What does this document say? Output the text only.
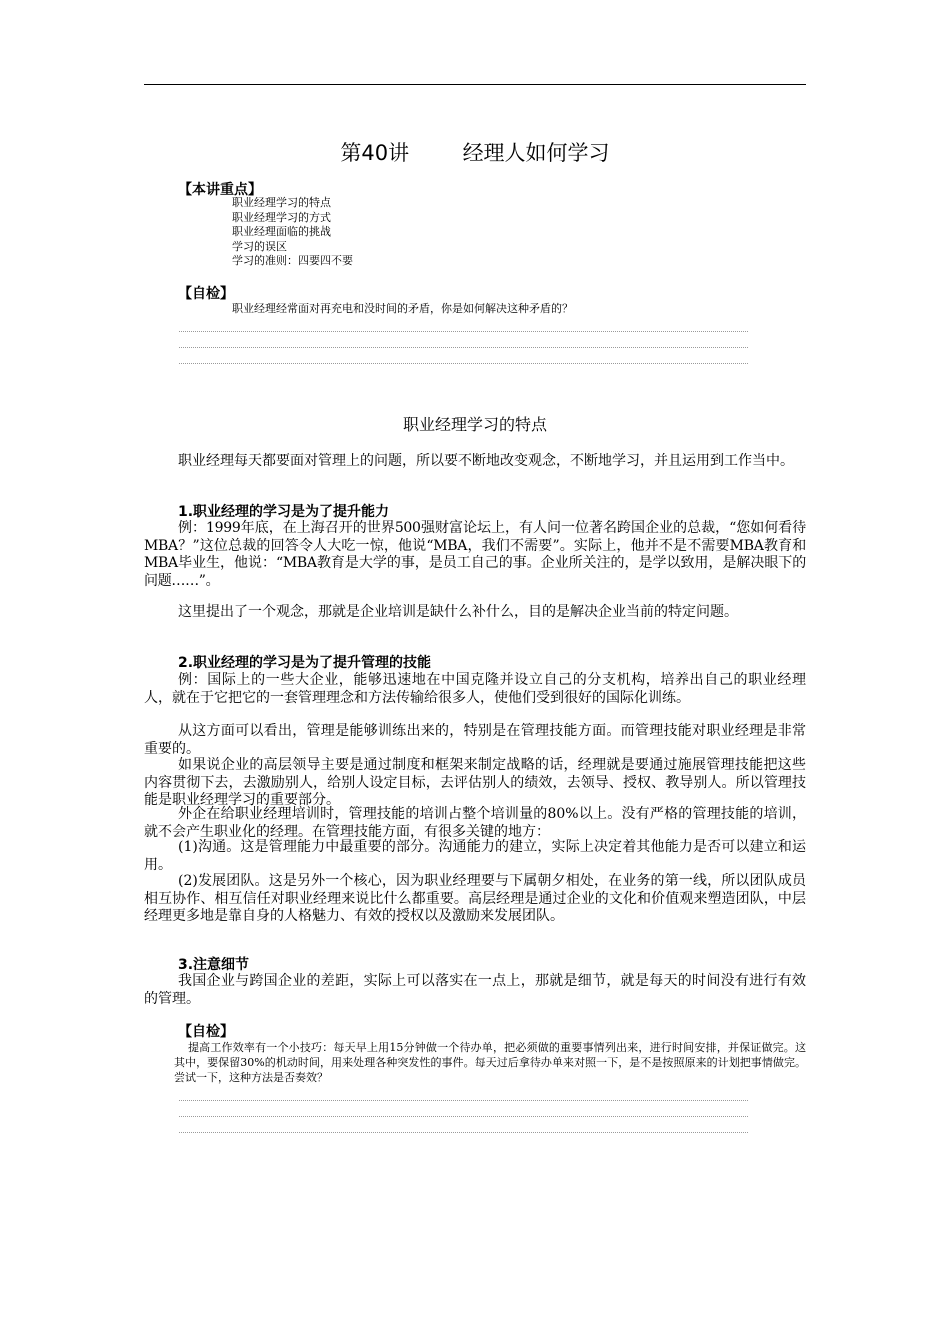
第40讲	经理人如何学习
【本讲重点】
职业经理学习的特点
职业经理学习的方式
职业经理面临的挑战
学习的误区
学习的准则：四要四不要
【自检】
职业经理经常面对再充电和没时间的矛盾，你是如何解决这种矛盾的？
职业经理学习的特点

职业经理每天都要面对管理上的问题，所以要不断地改变观念，不断地学习，并且运用到工作当中。

1.职业经理的学习是为了提升能力

例：1999年底，在上海召开的世界500强财富论坛上，有人问一位著名跨国企业的总裁，“您如何看待MBA？”这位总裁的回答令人大吃一惊，他说“MBA，我们不需要”。实际上，他并不是不需要MBA教育和MBA毕业生，他说：“MBA教育是大学的事，是员工自己的事。企业所关注的，是学以致用，是解决眼下的问题……”。

这里提出了一个观念，那就是企业培训是缺什么补什么，目的是解决企业当前的特定问题。

2.职业经理的学习是为了提升管理的技能

例：国际上的一些大企业，能够迅速地在中国克隆并设立自己的分支机构，培养出自己的职业经理人，就在于它把它的一套管理理念和方法传输给很多人，使他们受到很好的国际化训练。

从这方面可以看出，管理是能够训练出来的，特别是在管理技能方面。而管理技能对职业经理是非常重要的。

如果说企业的高层领导主要是通过制度和框架来制定战略的话，经理就是要通过施展管理技能把这些内容贯彻下去，去激励别人，给别人设定目标，去评估别人的绩效，去领导、授权、教导别人。所以管理技能是职业经理学习的重要部分。

外企在给职业经理培训时，管理技能的培训占整个培训量的80%以上。没有严格的管理技能的培训，就不会产生职业化的经理。在管理技能方面，有很多关键的地方：

(1)沟通。这是管理能力中最重要的部分。沟通能力的建立，实际上决定着其他能力是否可以建立和运用。

(2)发展团队。这是另外一个核心，因为职业经理要与下属朝夕相处，在业务的第一线，所以团队成员相互协作、相互信任对职业经理来说比什么都重要。高层经理是通过企业的文化和价值观来塑造团队，中层经理更多地是靠自身的人格魅力、有效的授权以及激励来发展团队。

3.注意细节

我国企业与跨国企业的差距，实际上可以落实在一点上，那就是细节，就是每天的时间没有进行有效的管理。

【自检】

提高工作效率有一个小技巧：每天早上用15分钟做一个待办单，把必须做的重要事情列出来，进行时间安排，并保证做完。这其中，要保留30%的机动时间，用来处理各种突发性的事件。每天过后拿待办单来对照一下，是不是按照原来的计划把事情做完。尝试一下，这种方法是否奏效？
